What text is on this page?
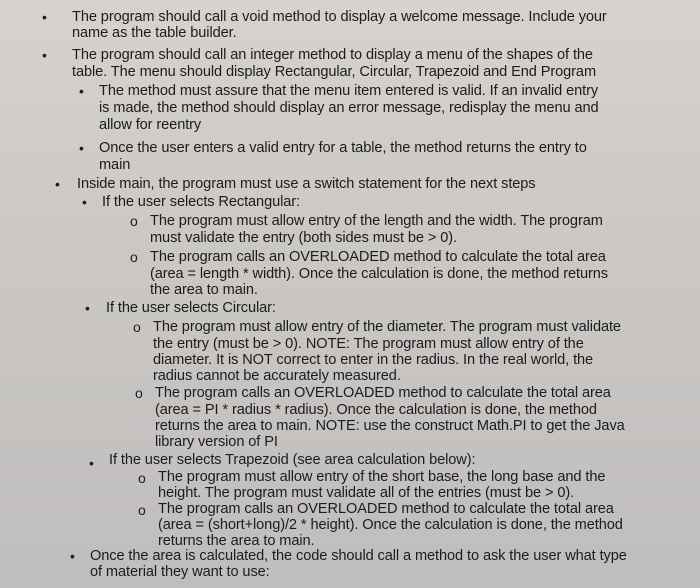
•
•
•
•
•
•
o
o
•
o
o
•
o
o
•
The program should call a void method to display a welcome message. Include your
name as the table builder.
The program should call an integer method to display a menu of the shapes of the
table. The menu should display Rectangular, Circular, Trapezoid and End Program
The method must assure that the menu item entered is valid. If an invalid entry
is made, the method should display an error message, redisplay the menu and
allow for reentry
Once the user enters a valid entry for a table, the method returns the entry to
main
Inside main, the program must use a switch statement for the next steps
If the user selects Rectangular:
The program must allow entry of the length and the width. The program
must validate the entry (both sides must be > 0).
The program calls an OVERLOADED method to calculate the total area
(area = length * width). Once the calculation is done, the method returns
the area to main.
If the user selects Circular:
The program must allow entry of the diameter. The program must validate
the entry (must be > 0). NOTE: The program must allow entry of the
diameter. It is NOT correct to enter in the radius. In the real world, the
radius cannot be accurately measured.
The program calls an OVERLOADED method to calculate the total area
(area = PI * radius * radius). Once the calculation is done, the method
returns the area to main. NOTE: use the construct Math.PI to get the Java
library version of PI
If the user selects Trapezoid (see area calculation below):
The program must allow entry of the short base, the long base and the
height. The program must validate all of the entries (must be > 0).
The program calls an OVERLOADED method to calculate the total area
(area = (short+long)/2 * height). Once the calculation is done, the method
returns the area to main.
Once the area is calculated, the code should call a method to ask the user what type
of material they want to use:
